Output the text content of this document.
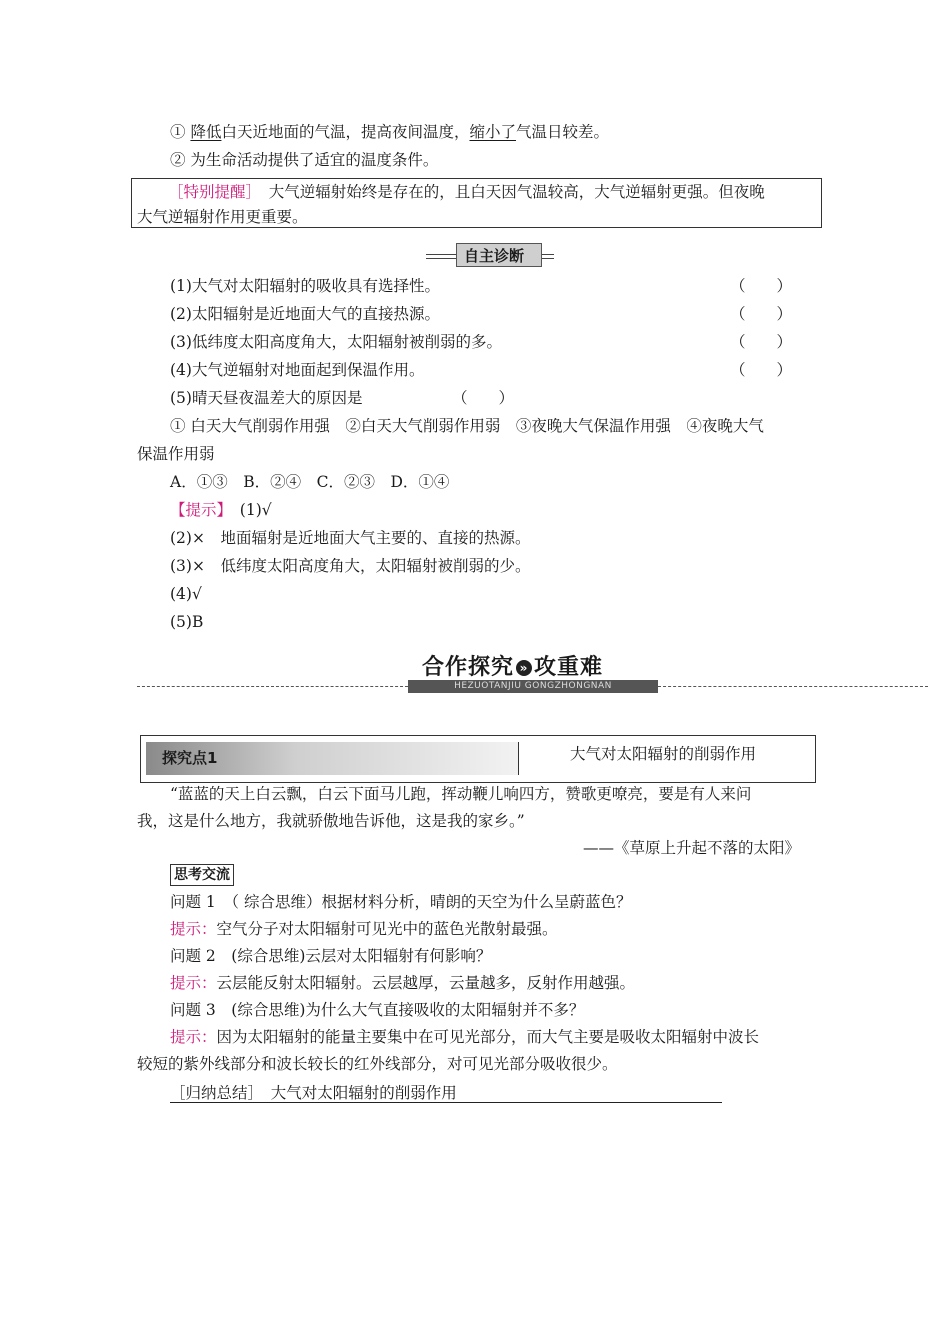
① 降低白天近地面的气温，提高夜间温度，缩小了气温日较差。
② 为生命活动提供了适宜的温度条件。
［特别提醒］　 大气逆辐射始终是存在的，且白天因气温较高，大气逆辐射更强。但夜晚
大气逆辐射作用更重要。
自主诊断
(1)大气对太阳辐射的吸收具有选择性。	（　　）
(2)太阳辐射是近地面大气的直接热源。	（　　）
(3)低纬度太阳高度角大，太阳辐射被削弱的多。	（　　）
(4)大气逆辐射对地面起到保温作用。	（　　）
(5)晴天昼夜温差大的原因是	（　　）
① 白天大气削弱作用强　②白天大气削弱作用弱　③夜晚大气保温作用强　④夜晚大气
保温作用弱
A．①③　B．②④　C．②③　D．①④
【提示】　 (1)√
(2)×　地面辐射是近地面大气主要的、直接的热源。
(3)×　低纬度太阳高度角大，太阳辐射被削弱的少。
(4)√
(5)B
合作探究 » 攻重难
HEZUOTANJIU GONGZHONGNAN
探究点1	大气对太阳辐射的削弱作用
“蓝蓝的天上白云飘，白云下面马儿跑，挥动鞭儿响四方，赞歌更嘹亮，要是有人来问
我，这是什么地方，我就骄傲地告诉他，这是我的家乡。”
——《草原上升起不落的太阳》
思考交流
问题 1　（ 综合思维）根据材料分析，晴朗的天空为什么呈蔚蓝色？
提示：空气分子对太阳辐射可见光中的蓝色光散射最强。
问题 2　(综合思维)云层对太阳辐射有何影响？
提示：云层能反射太阳辐射。云层越厚，云量越多，反射作用越强。
问题 3　(综合思维)为什么大气直接吸收的太阳辐射并不多？
提示：因为太阳辐射的能量主要集中在可见光部分，而大气主要是吸收太阳辐射中波长
较短的紫外线部分和波长较长的红外线部分，对可见光部分吸收很少。
［归纳总结］　 大气对太阳辐射的削弱作用
